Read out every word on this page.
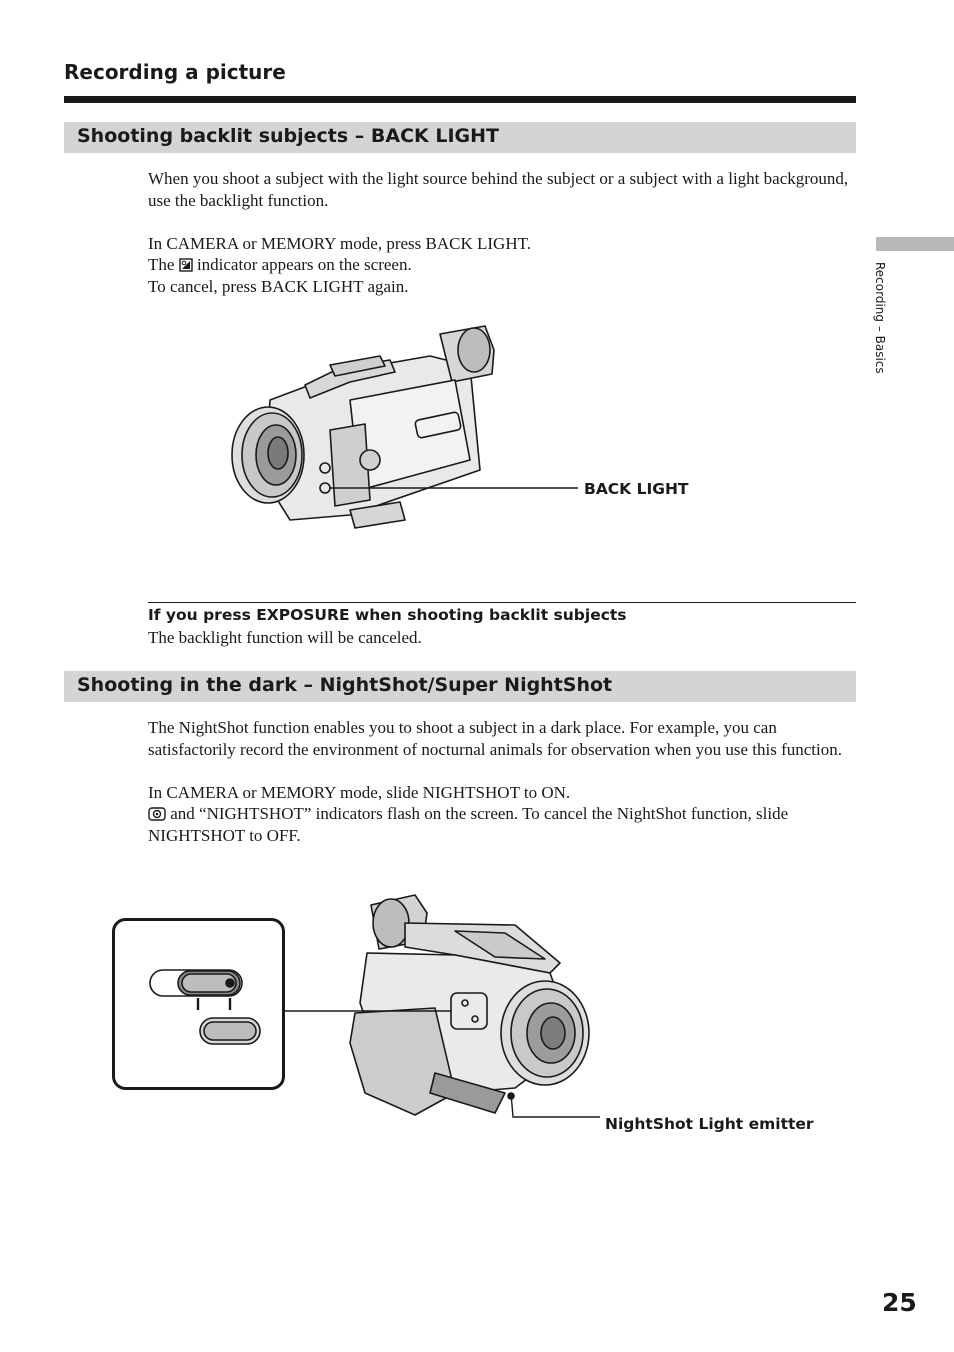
Recording a picture
Recording – Basics
Shooting backlit subjects – BACK LIGHT

When you shoot a subject with the light source behind the subject or a subject with a light background, use the backlight function.

In CAMERA or MEMORY mode, press BACK LIGHT.

The indicator appears on the screen.

To cancel, press BACK LIGHT again.

BACK LIGHT
If you press EXPOSURE when shooting backlit subjects
The backlight function will be canceled.
Shooting in the dark – NightShot/Super NightShot

The NightShot function enables you to shoot a subject in a dark place. For example, you can satisfactorily record the environment of nocturnal animals for observation when you use this function.

In CAMERA or MEMORY mode, slide NIGHTSHOT to ON.

and “NIGHTSHOT” indicators flash on the screen. To cancel the NightShot function, slide NIGHTSHOT to OFF.

NightShot Light emitter
25
